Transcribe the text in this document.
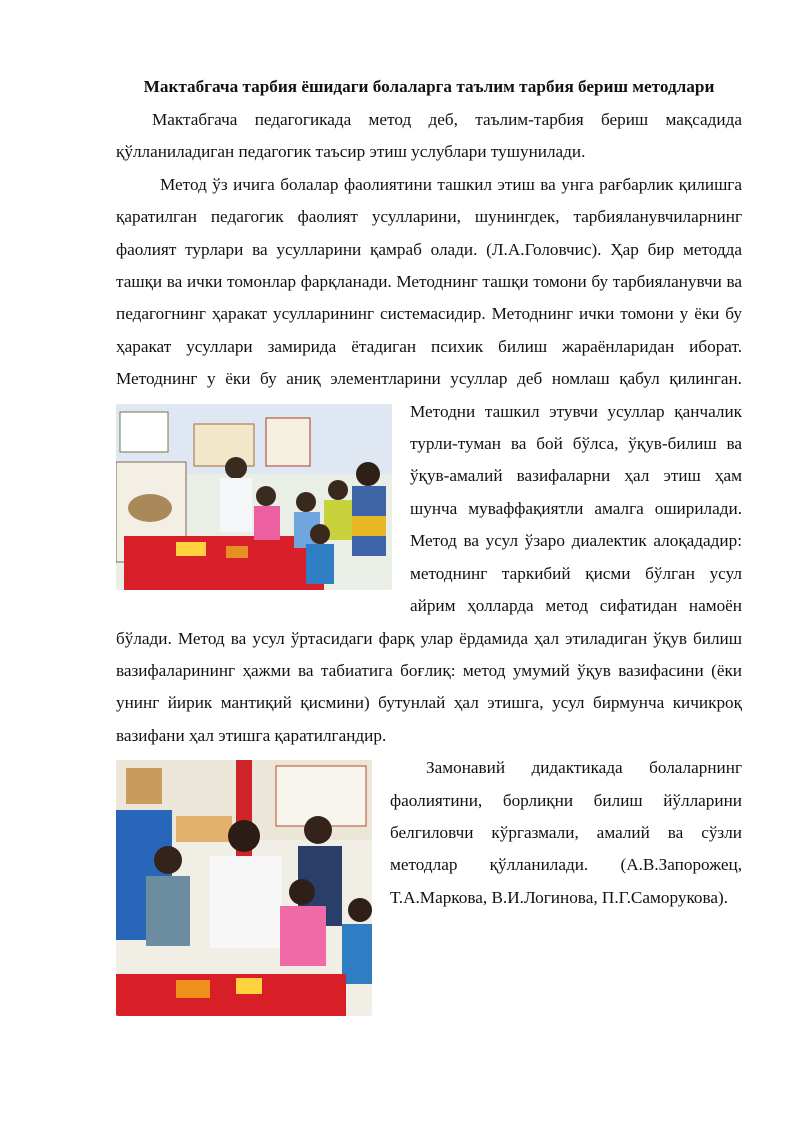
Мактабгача тарбия ёшидаги болаларга таълим тарбия бериш методлари

Мактабгача педагогикада метод деб, таълим-тарбия бериш мақсадида қўлланиладиган педагогик таъсир этиш услублари тушунилади.

Метод ўз ичига болалар фаолиятини ташкил этиш ва унга рағбарлик қилишга қаратилган педагогик фаолият усулларини, шунингдек, тарбияланувчиларнинг фаолият турлари ва усулларини қамраб олади. (Л.А.Головчис). Ҳар бир методда ташқи ва ички томонлар фарқланади. Методнинг ташқи томони бу тарбияланувчи ва педагогнинг ҳаракат усулларининг системасидир. Методнинг ички томони у ёки бу ҳаракат усуллари замирида ётадиган психик билиш жараёнларидан иборат. Методнинг у ёки бу аниқ элементларини усуллар деб номлаш қабул
қилинган. Методни ташкил этувчи усуллар қанчалик турли-туман ва бой бўлса, ўқув-билиш ва ўқув-амалий вазифаларни ҳал этиш ҳам шунча муваффақиятли амалга оширилади. Метод ва усул ўзаро диалектик алоқададир: методнинг таркибий қисми бўлган усул айрим ҳолларда метод сифатидан намоён бўлади. Метод ва усул ўртасидаги фарқ улар ёрдамида ҳал этиладиган ўқув билиш вазифаларининг ҳажми ва табиатига боғлиқ: метод умумий ўқув вазифасини (ёки унинг йирик мантиқий қисмини) бутунлай ҳал этишга, усул бирмунча кичикроқ вазифани ҳал этишга қаратилгандир.

Замонавий дидактикада болаларнинг фаолиятини, борлиқни билиш йўлларини белгиловчи кўргазмали, амалий ва сўзли методлар қўлланилади. (А.В.Запорожец, Т.А.Маркова, В.И.Логинова, П.Г.Саморукова).
